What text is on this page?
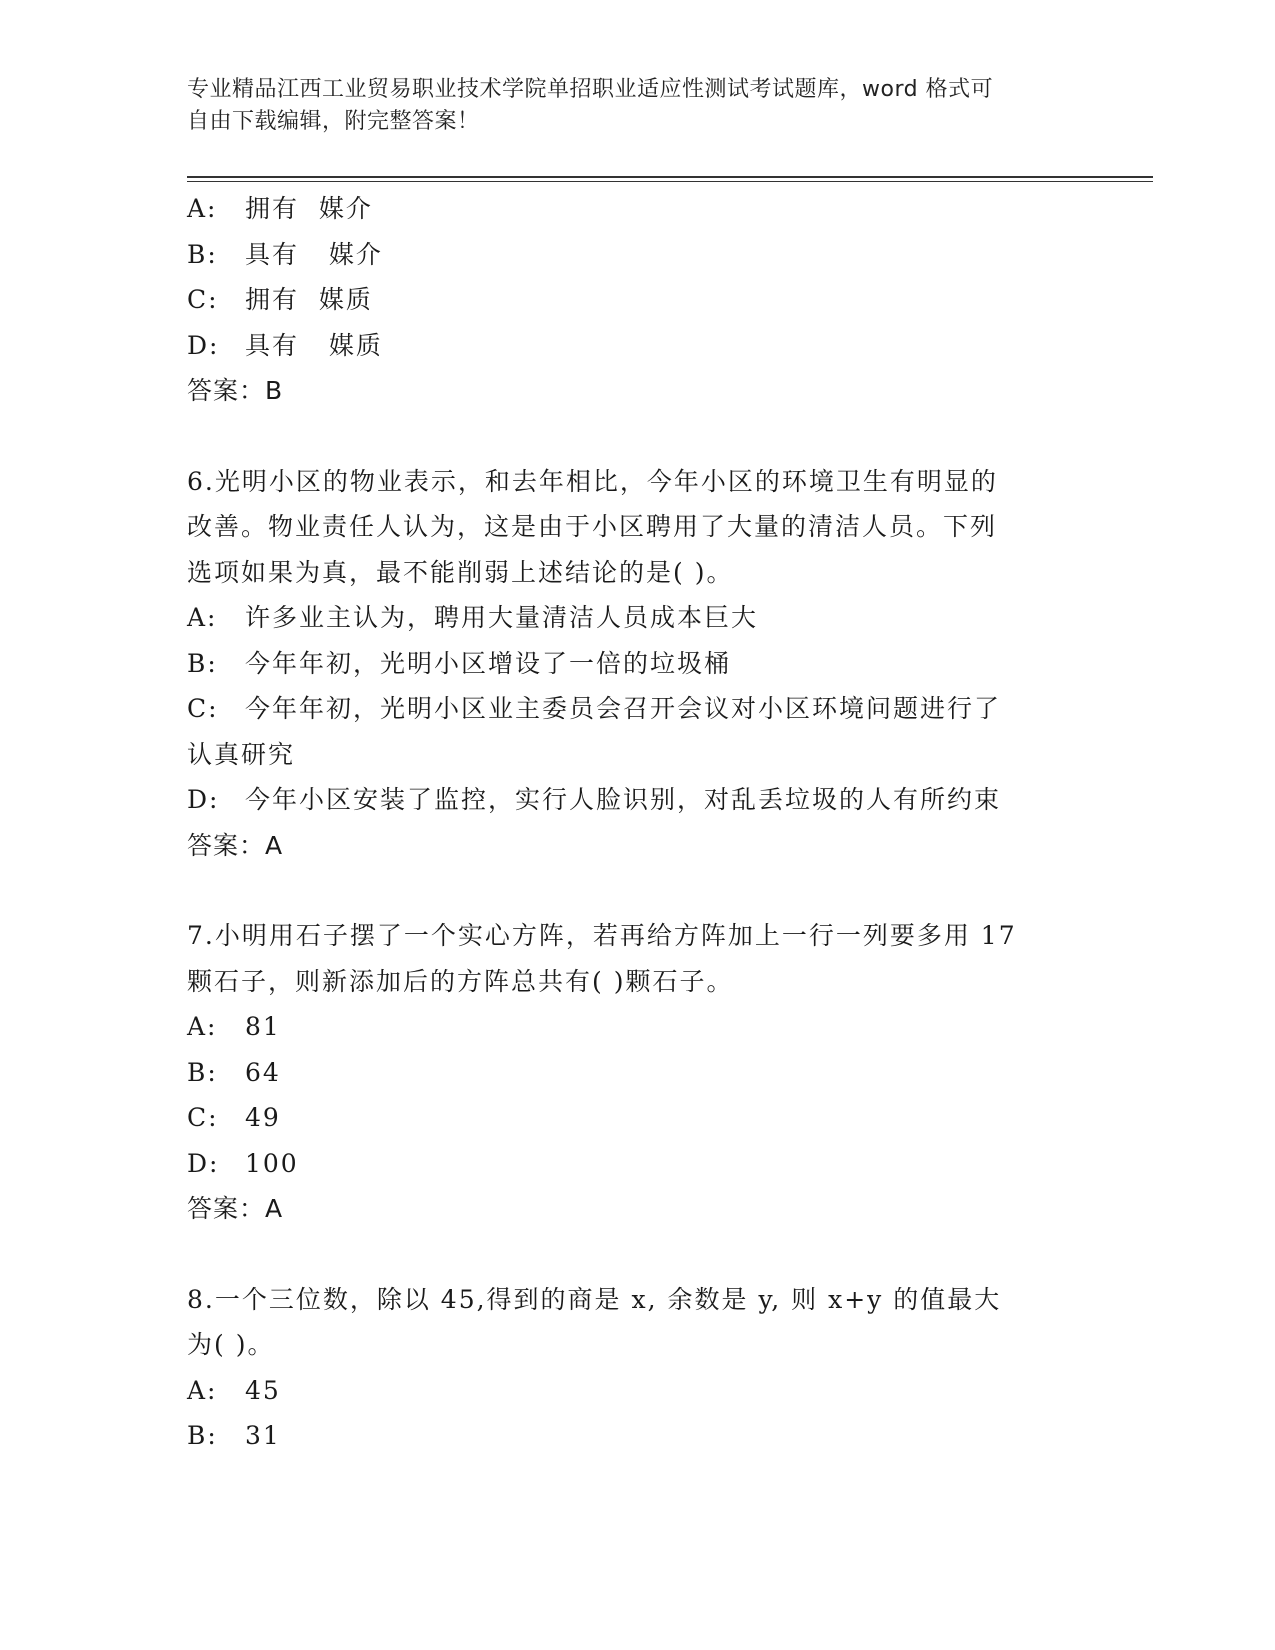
专业精品江西工业贸易职业技术学院单招职业适应性测试考试题库，word 格式可
自由下载编辑，附完整答案！
A:	拥有  媒介
B:	具有   媒介
C:	拥有  媒质
D:	具有   媒质
答案：B
6.光明小区的物业表示，和去年相比，今年小区的环境卫生有明显的
改善。物业责任人认为，这是由于小区聘用了大量的清洁人员。下列
选项如果为真，最不能削弱上述结论的是( )。
A:	许多业主认为，聘用大量清洁人员成本巨大
B:	今年年初，光明小区增设了一倍的垃圾桶
C:	今年年初，光明小区业主委员会召开会议对小区环境问题进行了
认真研究
D:	今年小区安装了监控，实行人脸识别，对乱丢垃圾的人有所约束
答案：A
7.小明用石子摆了一个实心方阵，若再给方阵加上一行一列要多用 17
颗石子，则新添加后的方阵总共有( )颗石子。
A:	81
B:	64
C:	49
D:	100
答案：A
8.一个三位数，除以 45,得到的商是 x, 余数是 y, 则 x+y 的值最大
为( )。
A:	45
B:	31
